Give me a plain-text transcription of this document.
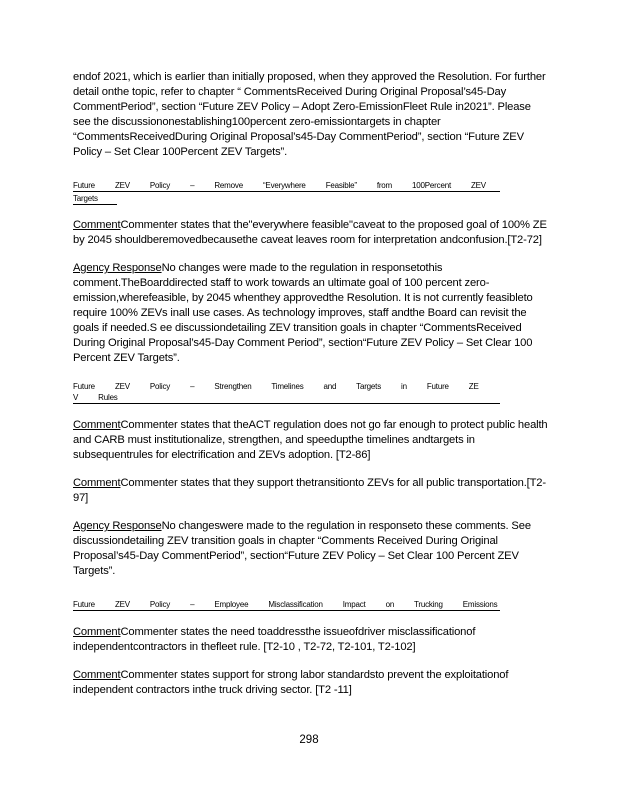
endof 2021, which is earlier than initially proposed, when they approved the Resolution. For further detail onthe topic, refer to chapter “ CommentsReceived During Original Proposal’s45-Day CommentPeriod”, section “Future ZEV Policy – Adopt Zero-EmissionFleet Rule in2021”. Please see the discussiononestablishing100percent zero-emissiontargets in chapter “CommentsReceivedDuring Original Proposal’s45-Day CommentPeriod”, section “Future ZEV Policy – Set Clear 100Percent ZEV Targets”.

Future ZEV Policy – Remove “Everywhere Feasible” from 100Percent ZEV
Targets

CommentCommenter states that the"everywhere feasible"caveat to the proposed goal of 100% ZE by 2045 shouldberemovedbecausethe caveat leaves room for interpretation andconfusion.[T2-72]

Agency ResponseNo changes were made to the regulation in responsetothis comment.TheBoarddirected staff to work towards an ultimate goal of 100 percent zero-emission,wherefeasible, by 2045 whenthey approvedthe Resolution. It is not currently feasibleto require 100% ZEVs inall use cases. As technology improves, staff andthe Board can revisit the goals if needed.S ee discussiondetailing ZEV transition goals in chapter “CommentsReceived During Original Proposal’s45-Day Comment Period”, section“Future ZEV Policy – Set Clear 100 Percent ZEV Targets”.

Future ZEV Policy – Strengthen Timelines and Targets in Future ZE V Rules

CommentCommenter states that theACT regulation does not go far enough to protect public health and CARB must institutionalize, strengthen, and speedupthe timelines andtargets in subsequentrules for electrification and ZEVs adoption. [T2-86]

CommentCommenter states that they support thetransitionto ZEVs for all public transportation.[T2-97]

Agency ResponseNo changeswere made to the regulation in responseto these comments. See discussiondetailing ZEV transition goals in chapter “Comments Received During Original Proposal’s45-Day CommentPeriod”, section“Future ZEV Policy – Set Clear 100 Percent ZEV Targets”.

Future ZEV Policy – Employee Misclassification Impact on Trucking Emissions

CommentCommenter states the need toaddressthe issueofdriver misclassificationof independentcontractors in thefleet rule. [T2-10 , T2-72, T2-101, T2-102]

CommentCommenter states support for strong labor standardsto prevent the exploitationof independent contractors inthe truck driving sector. [T2 -11]

298
